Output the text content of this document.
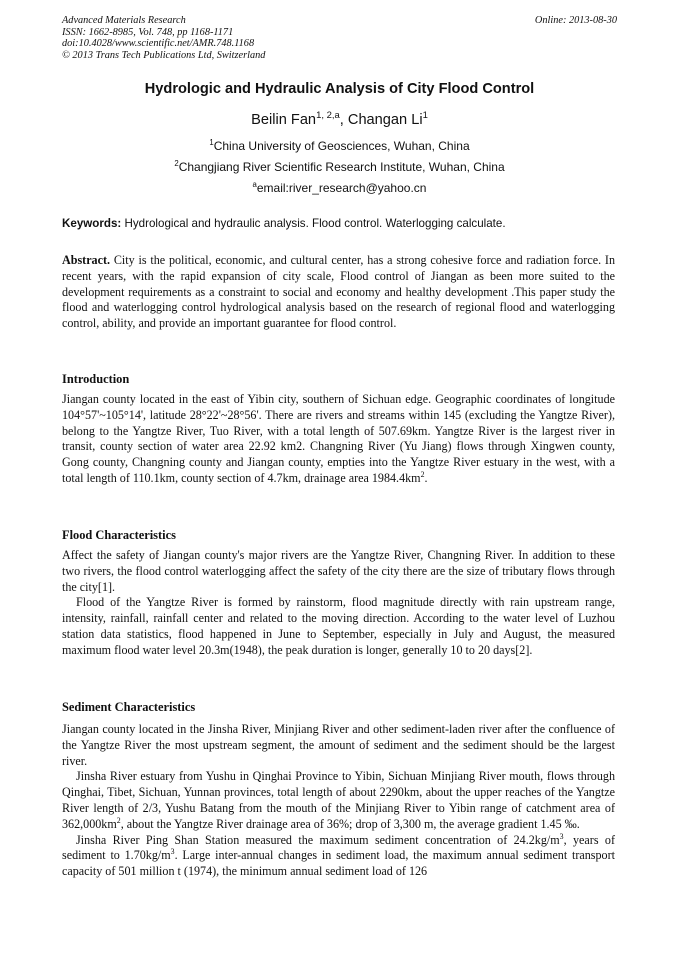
Advanced Materials Research
ISSN: 1662-8985, Vol. 748, pp 1168-1171
doi:10.4028/www.scientific.net/AMR.748.1168
© 2013 Trans Tech Publications Ltd, Switzerland
Online: 2013-08-30
Hydrologic and Hydraulic Analysis of City Flood Control
Beilin Fan$^{1, 2,a}$, Changan Li$^1$
$^1$China University of Geosciences, Wuhan, China
$^2$Changjiang River Scientific Research Institute, Wuhan, China
$^a$email:river_research@yahoo.cn
Keywords: Hydrological and hydraulic analysis. Flood control. Waterlogging calculate.

Abstract. City is the political, economic, and cultural center, has a strong cohesive force and radiation force. In recent years, with the rapid expansion of city scale, Flood control of Jiangan as been more suited to the development requirements as a constraint to social and economy and healthy development .This paper study the flood and waterlogging control hydrological analysis based on the research of regional flood and waterlogging control, ability, and provide an important guarantee for flood control.

Introduction

Jiangan county located in the east of Yibin city, southern of Sichuan edge. Geographic coordinates of longitude 104°57'~105°14', latitude 28°22'~28°56'. There are rivers and streams within 145 (excluding the Yangtze River), belong to the Yangtze River, Tuo River, with a total length of 507.69km. Yangtze River is the largest river in transit, county section of water area 22.92 km2. Changning River (Yu Jiang) flows through Xingwen county, Gong county, Changning county and Jiangan county, empties into the Yangtze River estuary in the west, with a total length of 110.1km, county section of 4.7km, drainage area $1984.4km^2$.

Flood Characteristics

Affect the safety of Jiangan county's major rivers are the Yangtze River, Changning River. In addition to these two rivers, the flood control waterlogging affect the safety of the city there are the size of tributary flows through the city[1].

Flood of the Yangtze River is formed by rainstorm, flood magnitude directly with rain upstream range, intensity, rainfall, rainfall center and related to the moving direction. According to the water level of Luzhou station data statistics, flood happened in June to September, especially in July and August, the measured maximum flood water level 20.3m(1948), the peak duration is longer, generally 10 to 20 days[2].

Sediment Characteristics

Jiangan county located in the Jinsha River, Minjiang River and other sediment-laden river after the confluence of the Yangtze River the most upstream segment, the amount of sediment and the sediment should be the largest river.

Jinsha River estuary from Yushu in Qinghai Province to Yibin, Sichuan Minjiang River mouth, flows through Qinghai, Tibet, Sichuan, Yunnan provinces, total length of about 2290km, about the upper reaches of the Yangtze River length of 2/3, Yushu Batang from the mouth of the Minjiang River to Yibin range of catchment area of $362,000km^2$, about the Yangtze River drainage area of 36%; drop of 3,300 m, the average gradient 1.45 ‰.

Jinsha River Ping Shan Station measured the maximum sediment concentration of $24.2kg/m^3$, years of sediment to $1.70kg/m^3$. Large inter-annual changes in sediment load, the maximum annual sediment transport capacity of 501 million t (1974), the minimum annual sediment load of 126
